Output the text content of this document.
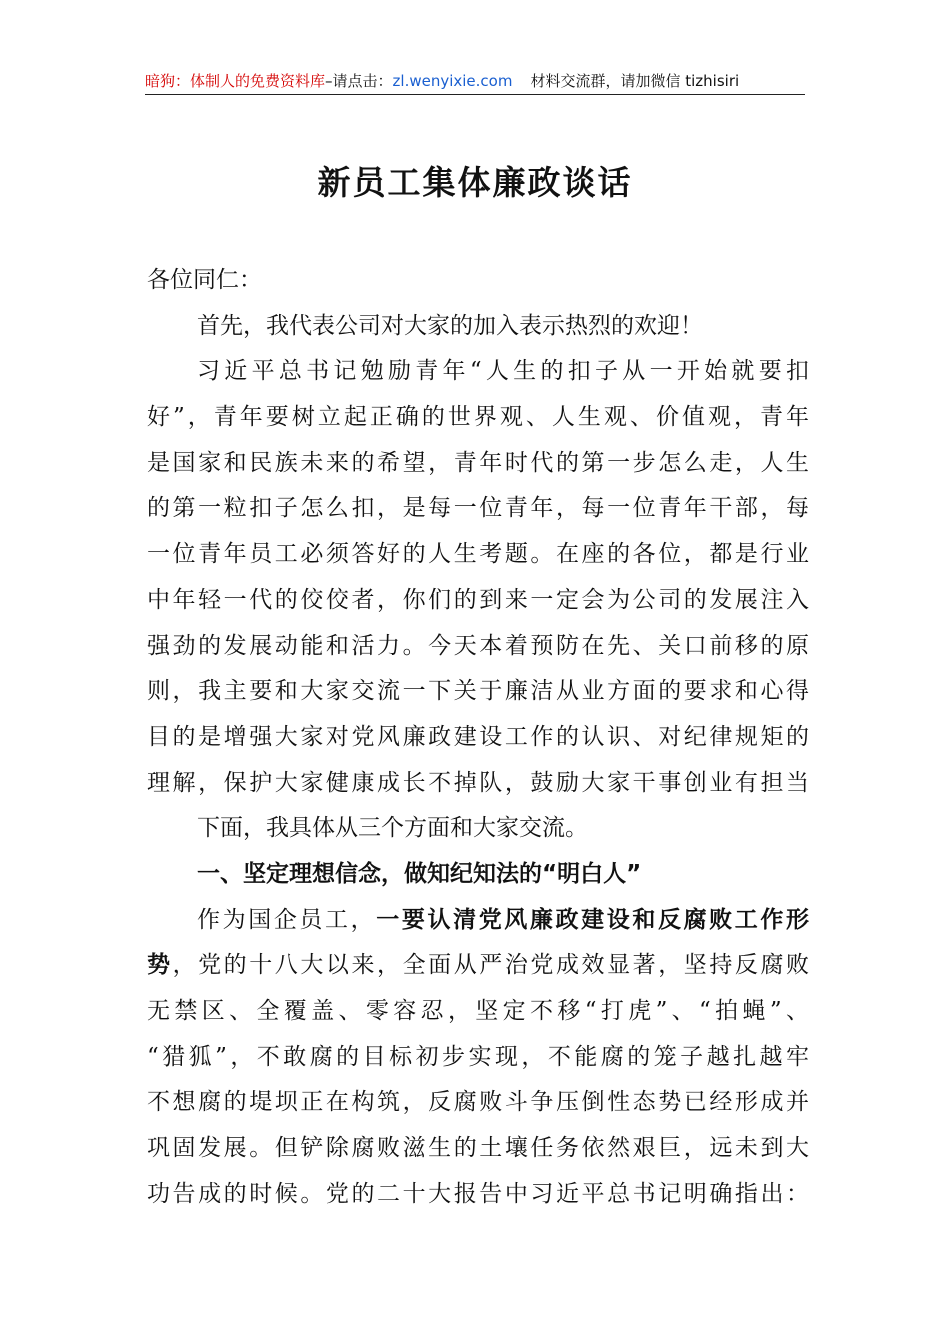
暗狗：体制人的免费资料库–请点击：zl.wenyixie.com 材料交流群，请加微信 tizhisiri
新员工集体廉政谈话
各位同仁：
首先，我代表公司对大家的加入表示热烈的欢迎！
习近平总书记勉励青年“人生的扣子从一开始就要扣
好”，青年要树立起正确的世界观、人生观、价值观，青年
是国家和民族未来的希望，青年时代的第一步怎么走，人生
的第一粒扣子怎么扣，是每一位青年，每一位青年干部，每
一位青年员工必须答好的人生考题。在座的各位，都是行业
中年轻一代的佼佼者，你们的到来一定会为公司的发展注入
强劲的发展动能和活力。今天本着预防在先、关口前移的原
则，我主要和大家交流一下关于廉洁从业方面的要求和心得
目的是增强大家对党风廉政建设工作的认识、对纪律规矩的
理解，保护大家健康成长不掉队，鼓励大家干事创业有担当
下面，我具体从三个方面和大家交流。
一、坚定理想信念，做知纪知法的“明白人”
作为国企员工，一要认清党风廉政建设和反腐败工作形
势，党的十八大以来，全面从严治党成效显著，坚持反腐败
无禁区、全覆盖、零容忍，坚定不移“打虎”、“拍蝇”、
“猎狐”，不敢腐的目标初步实现，不能腐的笼子越扎越牢
不想腐的堤坝正在构筑，反腐败斗争压倒性态势已经形成并
巩固发展。但铲除腐败滋生的土壤任务依然艰巨，远未到大
功告成的时候。党的二十大报告中习近平总书记明确指出：
